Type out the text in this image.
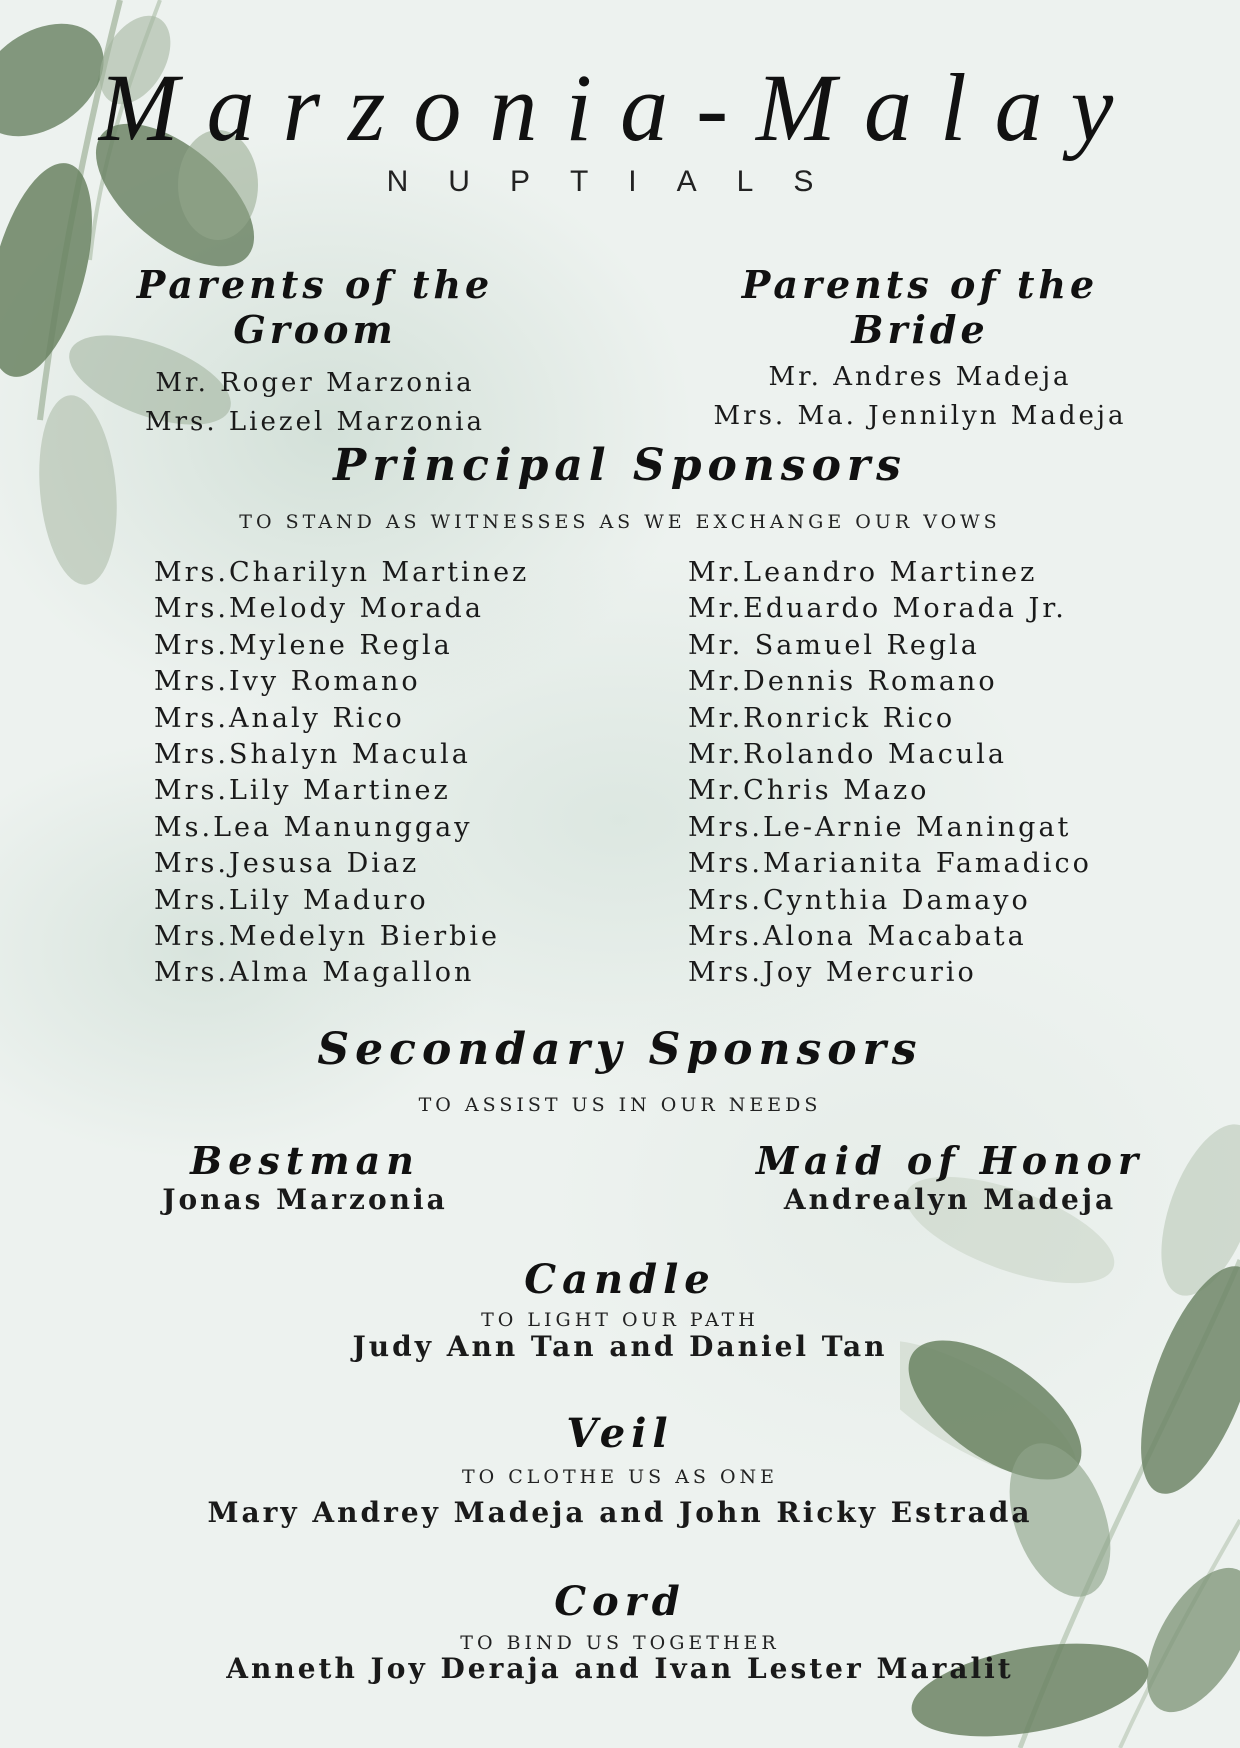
Marzonia-Malay
NUPTIALS
Parents of the Groom
Mr. Roger Marzonia
Mrs. Liezel Marzonia
Parents of the Bride
Mr. Andres Madeja
Mrs. Ma. Jennilyn Madeja
Principal Sponsors
TO STAND AS WITNESSES AS WE EXCHANGE OUR VOWS
Mrs.Charilyn Martinez
Mrs.Melody Morada
Mrs.Mylene Regla
Mrs.Ivy Romano
Mrs.Analy Rico
Mrs.Shalyn Macula
Mrs.Lily Martinez
Ms.Lea Manunggay
Mrs.Jesusa Diaz
Mrs.Lily Maduro
Mrs.Medelyn Bierbie
Mrs.Alma Magallon
Mr.Leandro Martinez
Mr.Eduardo Morada Jr.
Mr. Samuel Regla
Mr.Dennis Romano
Mr.Ronrick Rico
Mr.Rolando Macula
Mr.Chris Mazo
Mrs.Le-Arnie Maningat
Mrs.Marianita Famadico
Mrs.Cynthia Damayo
Mrs.Alona Macabata
Mrs.Joy Mercurio
Secondary Sponsors
TO ASSIST US IN OUR NEEDS
Bestman
Jonas Marzonia
Maid of Honor
Andrealyn Madeja
Candle
TO LIGHT OUR PATH
Judy Ann Tan and Daniel Tan
Veil
TO CLOTHE US AS ONE
Mary Andrey Madeja and John Ricky Estrada
Cord
TO BIND US TOGETHER
Anneth Joy Deraja and Ivan Lester Maralit
